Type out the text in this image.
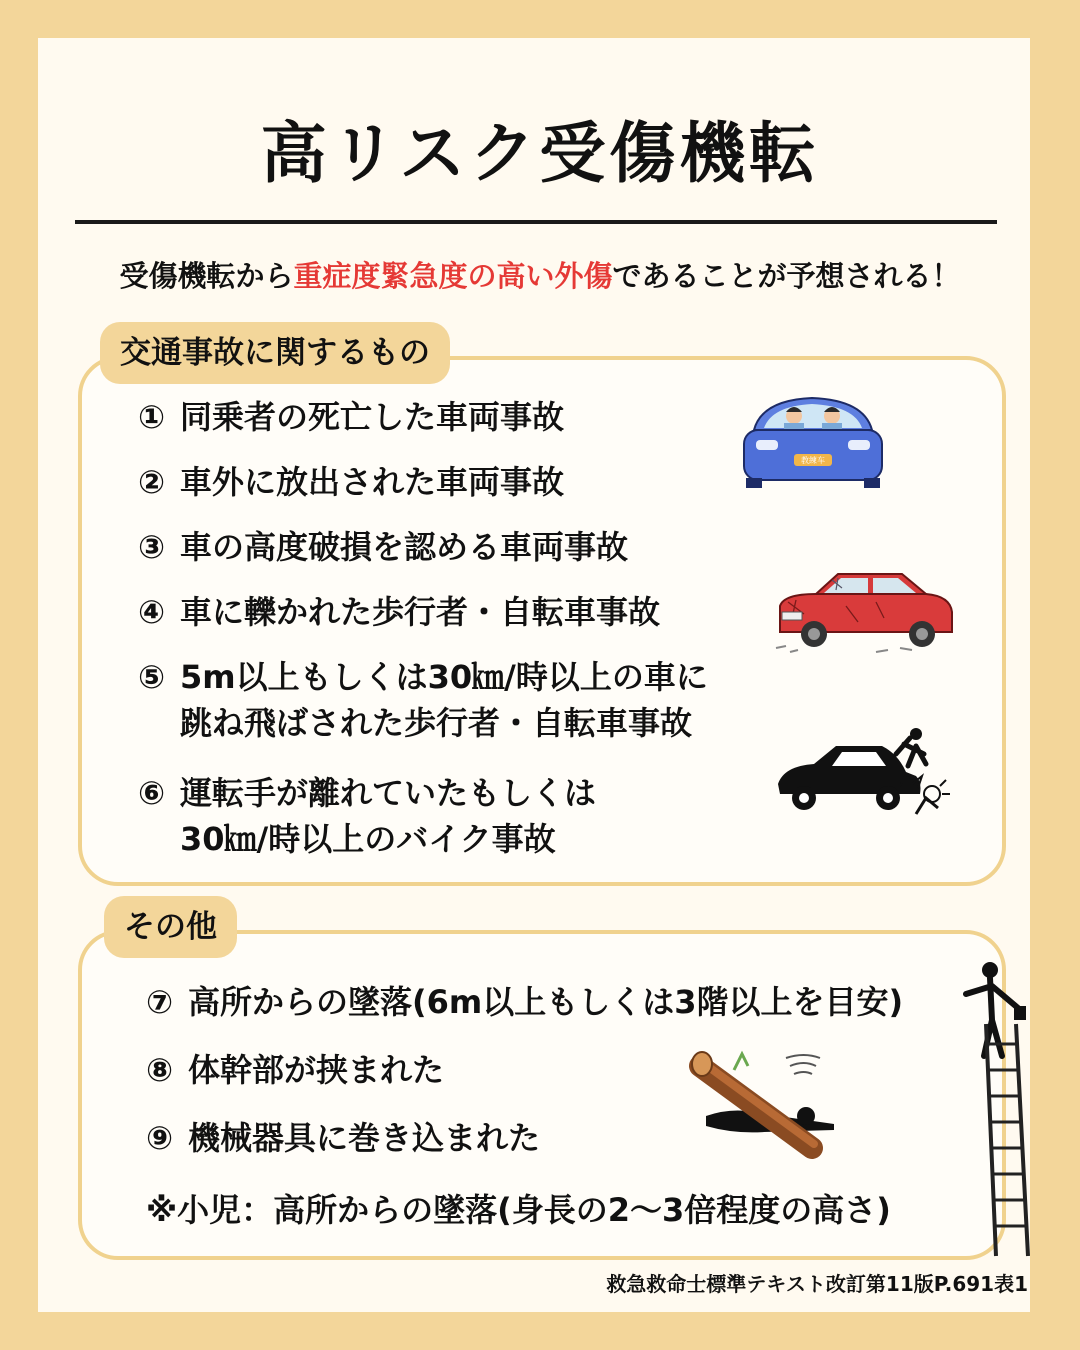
高リスク受傷機転
受傷機転から重症度緊急度の高い外傷であることが予想される！
交通事故に関するもの
① 同乗者の死亡した車両事故
② 車外に放出された車両事故
③ 車の高度破損を認める車両事故
④ 車に轢かれた歩行者・自転車事故
⑤ 5m以上もしくは30㎞/時以上の車に
跳ね飛ばされた歩行者・自転車事故
⑥ 運転手が離れていたもしくは
30㎞/時以上のバイク事故
教練车
その他
⑦ 高所からの墜落(6m以上もしくは3階以上を目安)
⑧ 体幹部が挟まれた
⑨ 機械器具に巻き込まれた
※小児：高所からの墜落(身長の2～3倍程度の高さ)
救急救命士標準テキスト改訂第11版P.691表1
